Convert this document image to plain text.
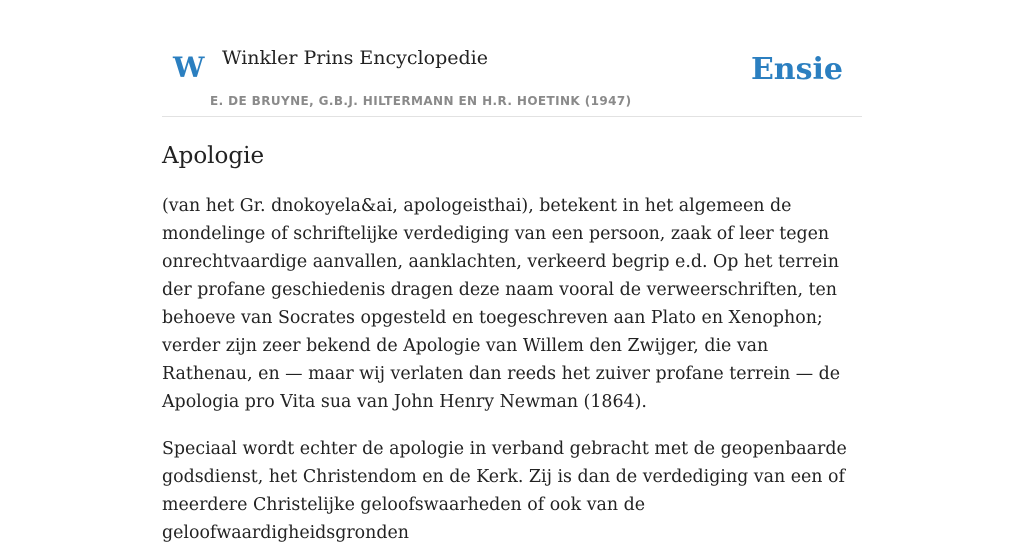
W Winkler Prins Encyclopedie
E. DE BRUYNE, G.B.J. HILTERMANN EN H.R. HOETINK (1947)
Ensie
Apologie

(van het Gr. dnokoyela&ai, apologeisthai), betekent in het algemeen de mondelinge of schriftelijke verdediging van een persoon, zaak of leer tegen onrechtvaardige aanvallen, aanklachten, verkeerd begrip e.d. Op het terrein der profane geschiedenis dragen deze naam vooral de verweerschriften, ten behoeve van Socrates opgesteld en toegeschreven aan Plato en Xenophon; verder zijn zeer bekend de Apologie van Willem den Zwijger, die van Rathenau, en — maar wij verlaten dan reeds het zuiver profane terrein — de Apologia pro Vita sua van John Henry Newman (1864).

Speciaal wordt echter de apologie in verband gebracht met de geopenbaarde godsdienst, het Christendom en de Kerk. Zij is dan de verdediging van een of meerdere Christelijke geloofswaarheden of ook van de geloofwaardigheidsgronden
